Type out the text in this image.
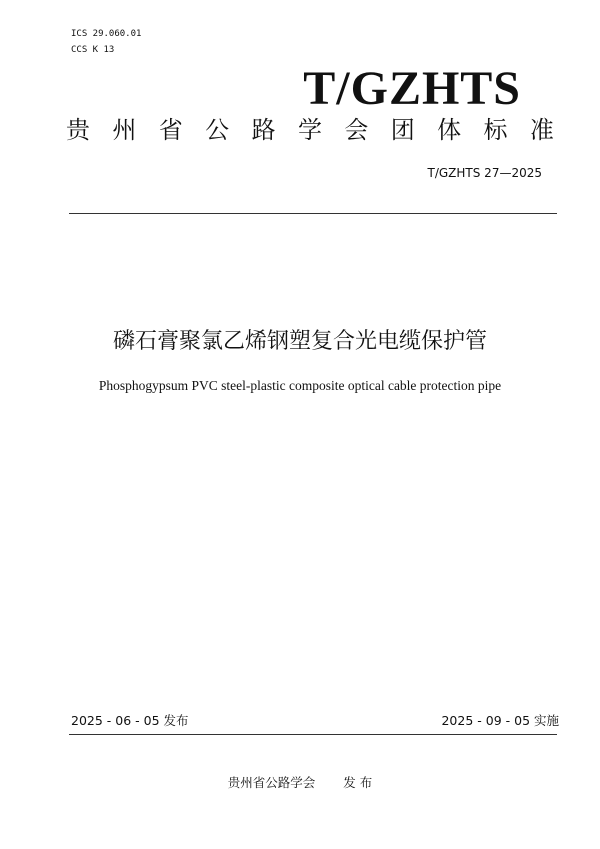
ICS 29.060.01
CCS K 13
T/GZHTS
贵 州 省 公 路 学 会 团 体 标 准
T/GZHTS 27—2025
磷石膏聚氯乙烯钢塑复合光电缆保护管
Phosphogypsum PVC steel-plastic composite optical cable protection pipe
2025 - 06 - 05 发布	2025 - 09 - 05 实施
贵州省公路学会 发 布
